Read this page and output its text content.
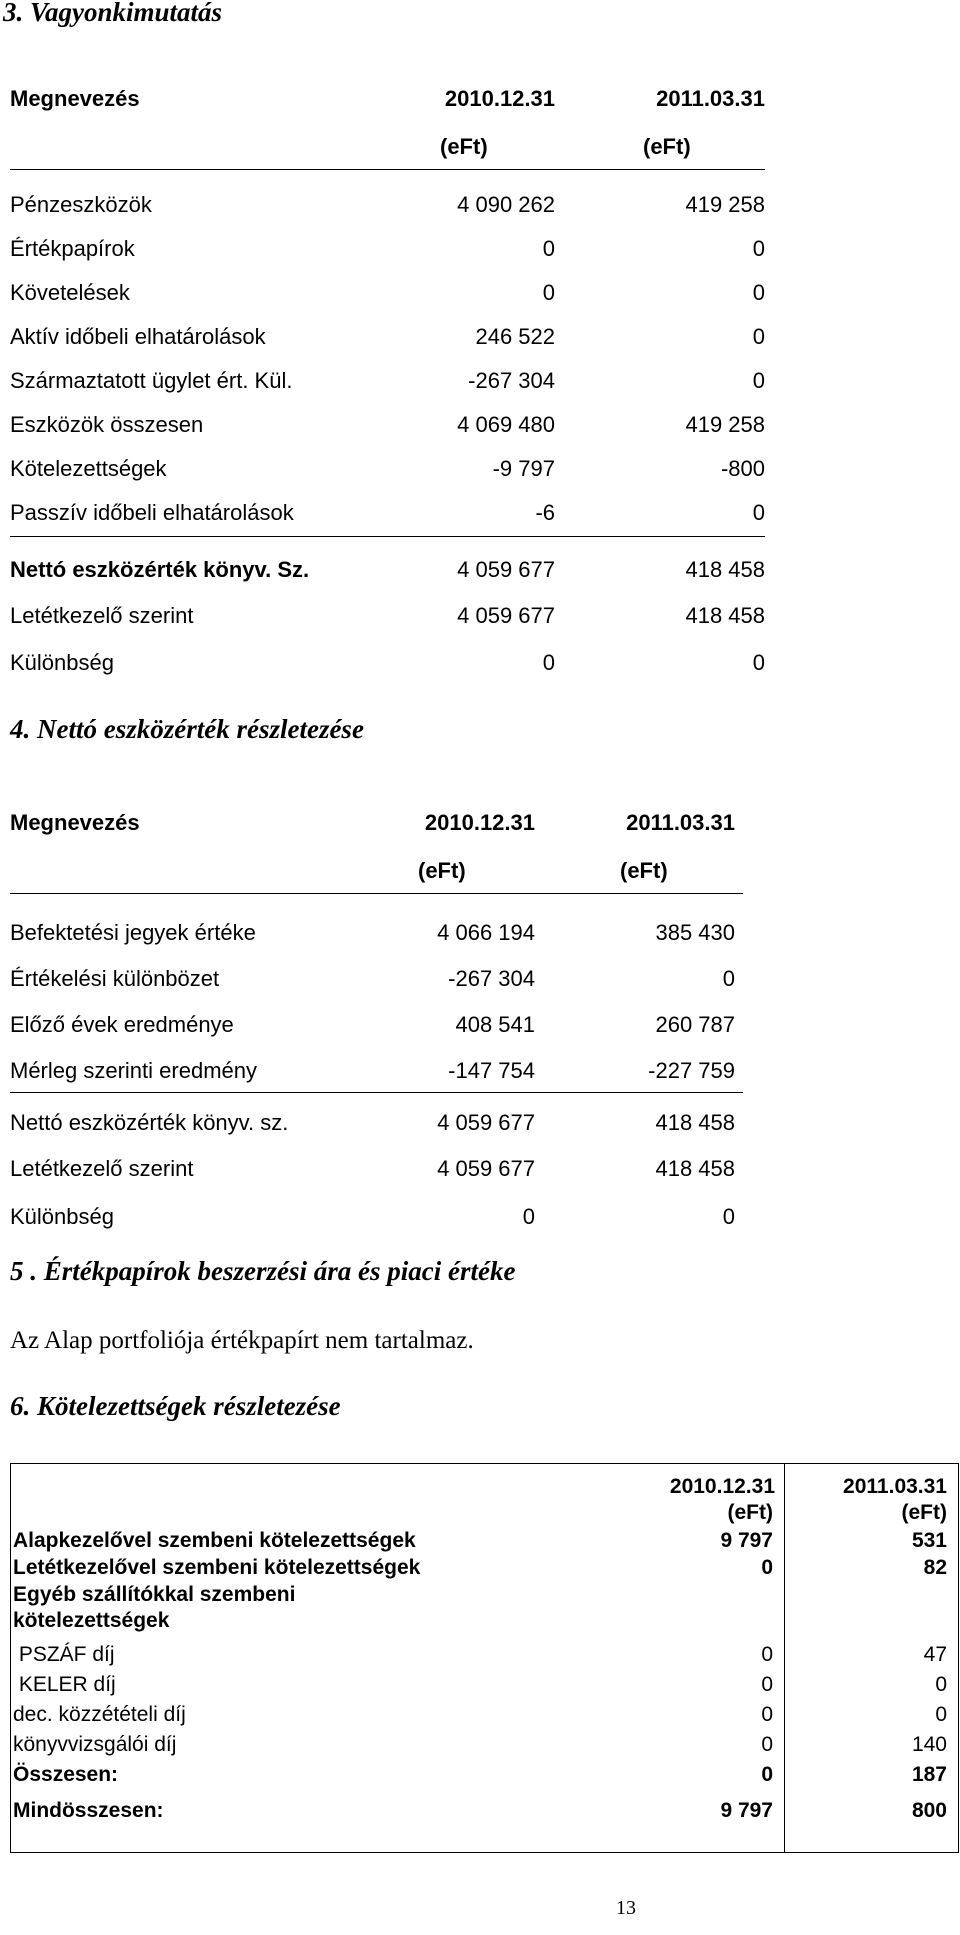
3. Vagyonkimutatás
Megnevezés	2010.12.31	2011.03.31
(eFt)	(eFt)
Pénzeszközök	4 090 262	419 258
Értékpapírok	0	0
Követelések	0	0
Aktív időbeli elhatárolások	246 522	0
Származtatott ügylet ért. Kül.	-267 304	0
Eszközök összesen	4 069 480	419 258
Kötelezettségek	-9 797	-800
Passzív időbeli elhatárolások	-6	0
Nettó eszközérték könyv. Sz.	4 059 677	418 458
Letétkezelő szerint	4 059 677	418 458
Különbség	0	0
4. Nettó eszközérték részletezése
Megnevezés	2010.12.31	2011.03.31
(eFt)	(eFt)
Befektetési jegyek értéke	4 066 194	385 430
Értékelési különbözet	-267 304	0
Előző évek eredménye	408 541	260 787
Mérleg szerinti eredmény	-147 754	-227 759
Nettó eszközérték könyv. sz.	4 059 677	418 458
Letétkezelő szerint	4 059 677	418 458
Különbség	0	0
5 . Értékpapírok beszerzési ára és piaci értéke
Az Alap portfoliója értékpapírt nem tartalmaz.
6. Kötelezettségek részletezése
2010.12.31	2011.03.31
(eFt)	(eFt)
Alapkezelővel szembeni kötelezettségek	9 797	531
Letétkezelővel szembeni kötelezettségek	0	82
Egyéb szállítókkal szembeni
kötelezettségek
PSZÁF díj	0	47
KELER díj	0	0
dec. közzétételi díj	0	0
könyvvizsgálói díj	0	140
Összesen:	0	187
Mindösszesen:	9 797	800
13
